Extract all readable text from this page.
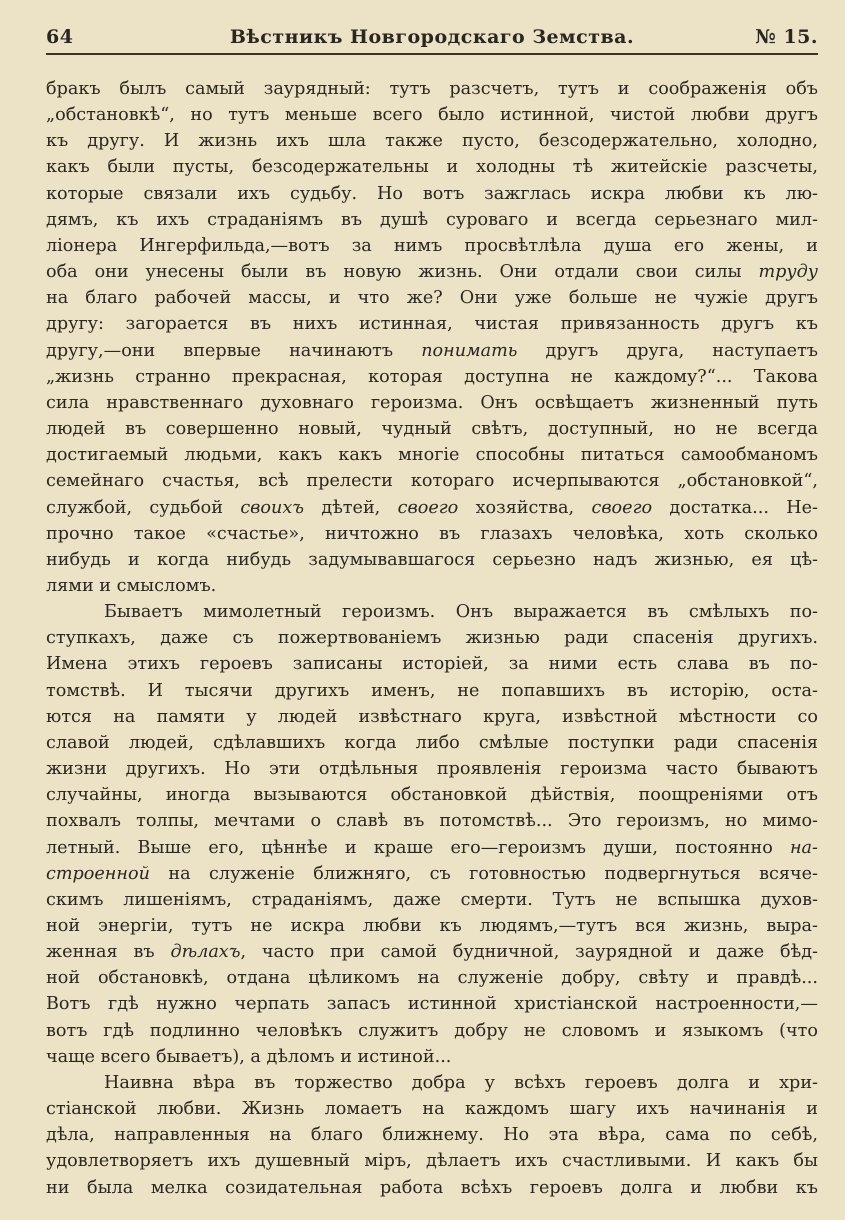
64	Вѣстникъ Новгородскаго Земства.	№ 15.

бракъ былъ самый заурядный: тутъ разсчетъ, тутъ и соображенія объ
„обстановкѣ“, но тутъ меньше всего было истинной, чистой любви другъ
къ другу. И жизнь ихъ шла также пусто, безсодержательно, холодно,
какъ были пусты, безсодержательны и холодны тѣ житейскіе разсчеты,
которые связали ихъ судьбу. Но вотъ зажглась искра любви къ лю-
дямъ, къ ихъ страданіямъ въ душѣ суроваго и всегда серьезнаго мил-
ліонера Ингерфильда,—вотъ за нимъ просвѣтлѣла душа его жены, и
оба они унесены были въ новую жизнь. Они отдали свои силы труду
на благо рабочей массы, и что же? Они уже больше не чужіе другъ
другу: загорается въ нихъ истинная, чистая привязанность другъ къ
другу,—они впервые начинаютъ понимать другъ друга, наступаетъ
„жизнь странно прекрасная, которая доступна не каждому?“... Такова
сила нравственнаго духовнаго героизма. Онъ освѣщаетъ жизненный путь
людей въ совершенно новый, чудный свѣтъ, доступный, но не всегда
достигаемый людьми, какъ какъ многіе способны питаться самообманомъ
семейнаго счастья, всѣ прелести котораго исчерпываются „обстановкой“,
службой, судьбой своихъ дѣтей, своего хозяйства, своего достатка... Не-
прочно такое «счастье», ничтожно въ глазахъ человѣка, хоть сколько
нибудь и когда нибудь задумывавшагося серьезно надъ жизнью, ея цѣ-
лями и смысломъ.

Бываетъ мимолетный героизмъ. Онъ выражается въ смѣлыхъ по-
ступкахъ, даже съ пожертвованіемъ жизнью ради спасенія другихъ.
Имена этихъ героевъ записаны исторіей, за ними есть слава въ по-
томствѣ. И тысячи другихъ именъ, не попавшихъ въ исторію, оста-
ются на памяти у людей извѣстнаго круга, извѣстной мѣстности со
славой людей, сдѣлавшихъ когда либо смѣлые поступки ради спасенія
жизни другихъ. Но эти отдѣльныя проявленія героизма часто бываютъ
случайны, иногда вызываются обстановкой дѣйствія, поощреніями отъ
похвалъ толпы, мечтами о славѣ въ потомствѣ... Это героизмъ, но мимо-
летный. Выше его, цѣннѣе и краше его—героизмъ души, постоянно на-
строенной на служеніе ближняго, съ готовностью подвергнуться всяче-
скимъ лишеніямъ, страданіямъ, даже смерти. Тутъ не вспышка духов-
ной энергіи, тутъ не искра любви къ людямъ,—тутъ вся жизнь, выра-
женная въ дѣлахъ, часто при самой будничной, заурядной и даже бѣд-
ной обстановкѣ, отдана цѣликомъ на служеніе добру, свѣту и правдѣ...
Вотъ гдѣ нужно черпать запасъ истинной христіанской настроенности,—
вотъ гдѣ подлинно человѣкъ служитъ добру не словомъ и языкомъ (что
чаще всего бываетъ), а дѣломъ и истиной...

Наивна вѣра въ торжество добра у всѣхъ героевъ долга и хри-
стіанской любви. Жизнь ломаетъ на каждомъ шагу ихъ начинанія и
дѣла, направленныя на благо ближнему. Но эта вѣра, сама по себѣ,
удовлетворяетъ ихъ душевный міръ, дѣлаетъ ихъ счастливыми. И какъ бы
ни была мелка созидательная работа всѣхъ героевъ долга и любви къ
